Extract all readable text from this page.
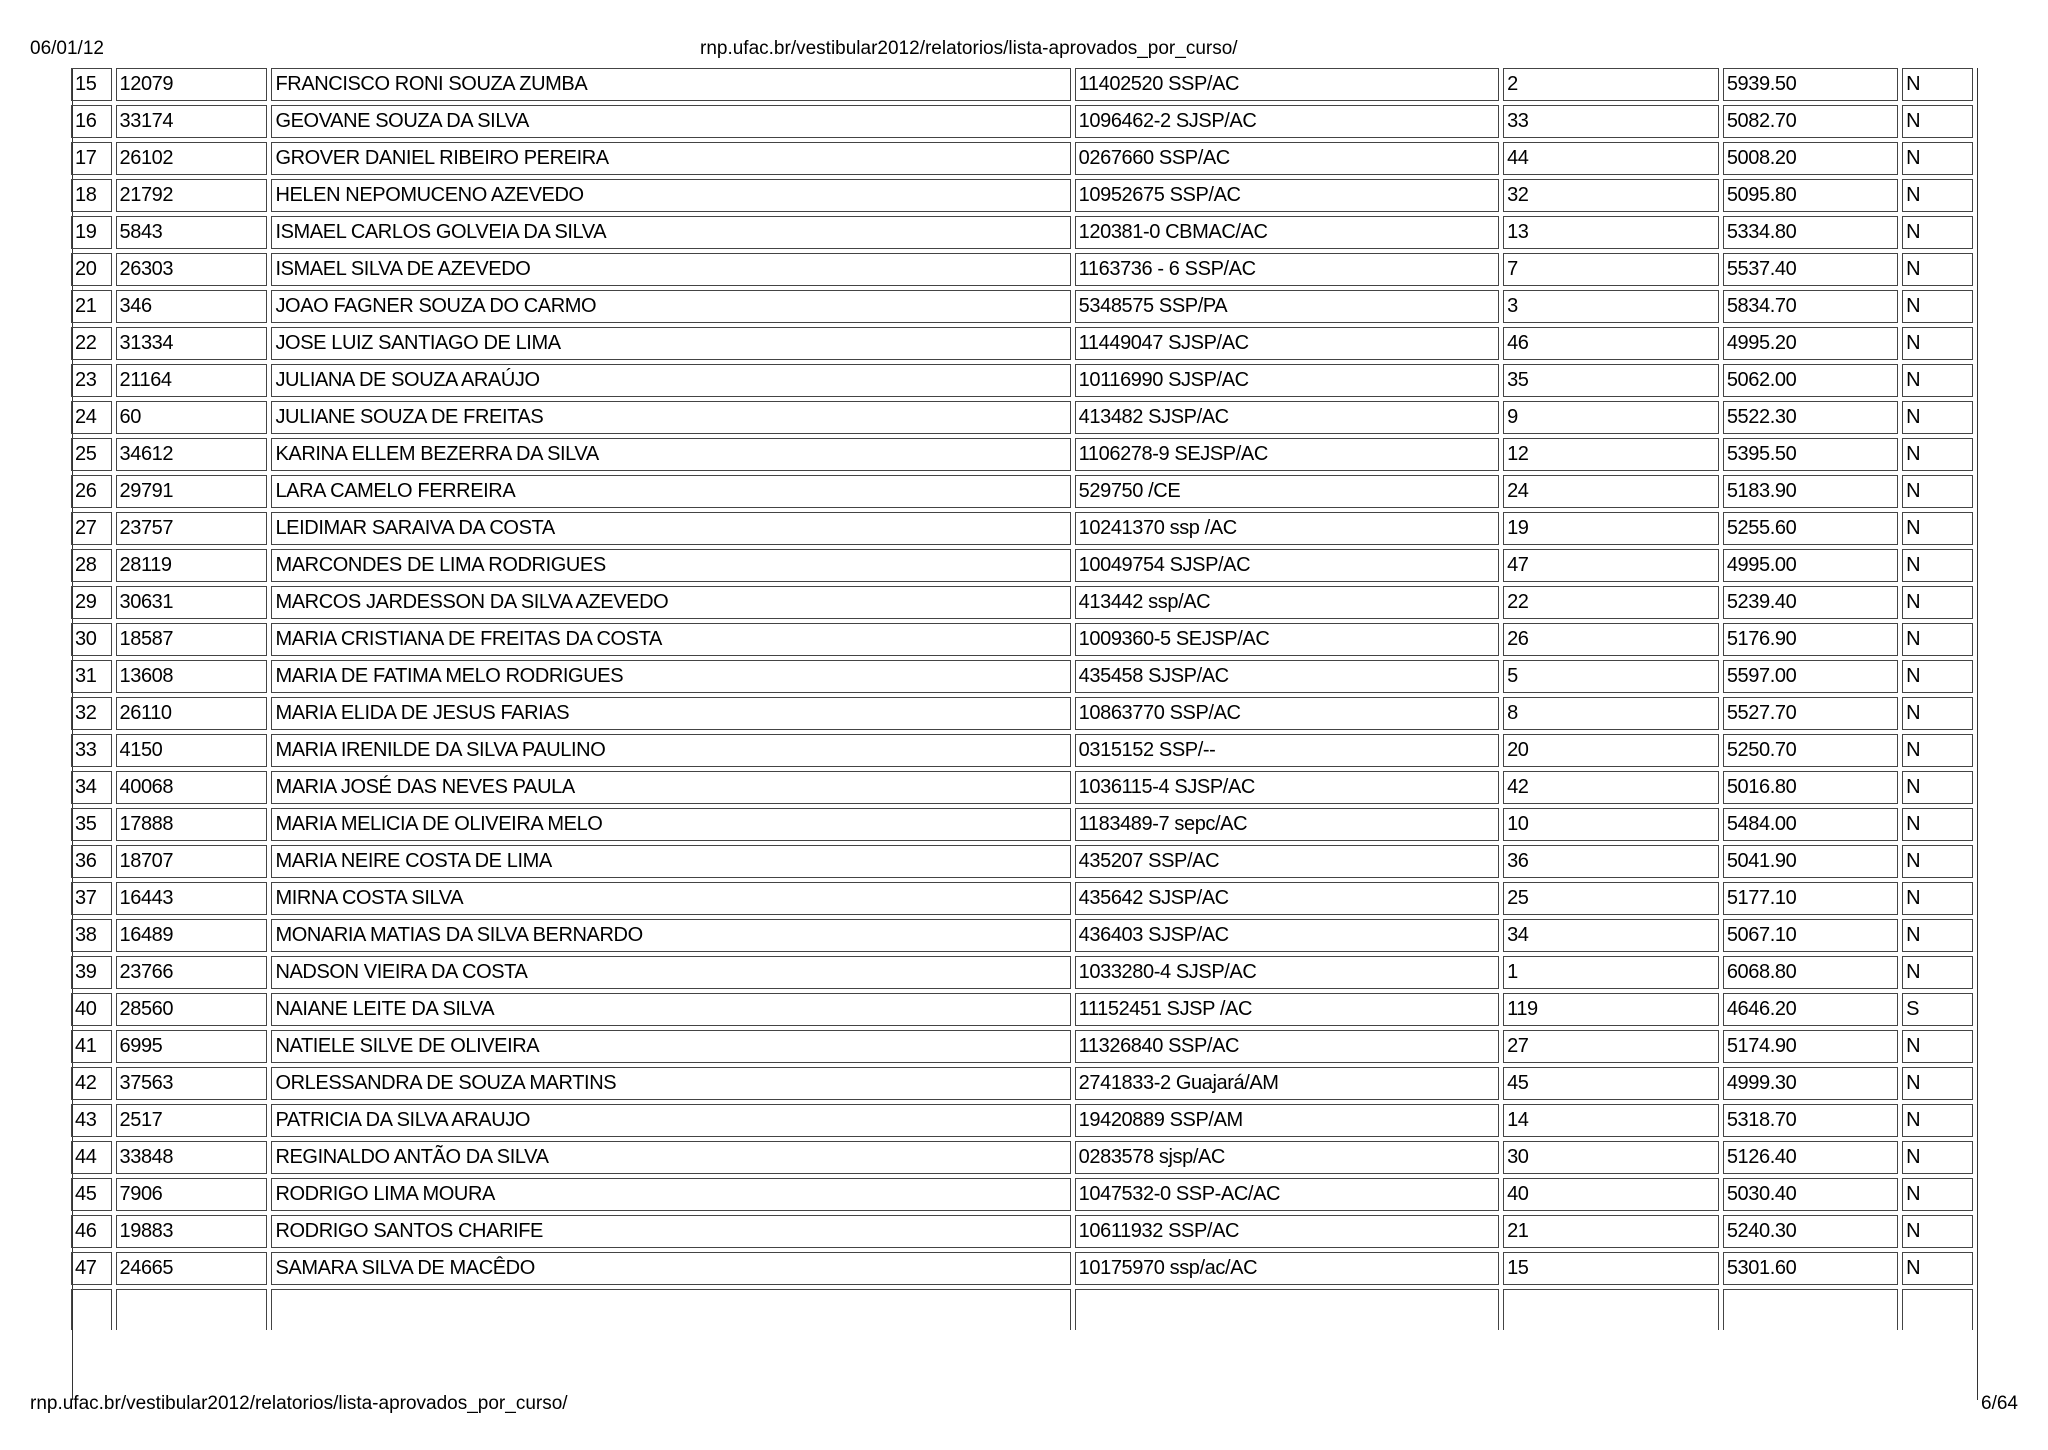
06/01/12	rnp.ufac.br/vestibular2012/relatorios/lista-aprovados_por_curso/
15	12079	FRANCISCO RONI SOUZA ZUMBA	11402520 SSP/AC	2	5939.50	N
16	33174	GEOVANE SOUZA DA SILVA	1096462-2 SJSP/AC	33	5082.70	N
17	26102	GROVER DANIEL RIBEIRO PEREIRA	0267660 SSP/AC	44	5008.20	N
18	21792	HELEN NEPOMUCENO AZEVEDO	10952675 SSP/AC	32	5095.80	N
19	5843	ISMAEL CARLOS GOLVEIA DA SILVA	120381-0 CBMAC/AC	13	5334.80	N
20	26303	ISMAEL SILVA DE AZEVEDO	1163736 - 6 SSP/AC	7	5537.40	N
21	346	JOAO FAGNER SOUZA DO CARMO	5348575 SSP/PA	3	5834.70	N
22	31334	JOSE LUIZ SANTIAGO DE LIMA	11449047 SJSP/AC	46	4995.20	N
23	21164	JULIANA DE SOUZA ARAÚJO	10116990 SJSP/AC	35	5062.00	N
24	60	JULIANE SOUZA DE FREITAS	413482 SJSP/AC	9	5522.30	N
25	34612	KARINA ELLEM BEZERRA DA SILVA	1106278-9 SEJSP/AC	12	5395.50	N
26	29791	LARA CAMELO FERREIRA	529750 /CE	24	5183.90	N
27	23757	LEIDIMAR SARAIVA DA COSTA	10241370 ssp /AC	19	5255.60	N
28	28119	MARCONDES DE LIMA RODRIGUES	10049754 SJSP/AC	47	4995.00	N
29	30631	MARCOS JARDESSON DA SILVA AZEVEDO	413442 ssp/AC	22	5239.40	N
30	18587	MARIA CRISTIANA DE FREITAS DA COSTA	1009360-5 SEJSP/AC	26	5176.90	N
31	13608	MARIA DE FATIMA MELO RODRIGUES	435458 SJSP/AC	5	5597.00	N
32	26110	MARIA ELIDA DE JESUS FARIAS	10863770 SSP/AC	8	5527.70	N
33	4150	MARIA IRENILDE DA SILVA PAULINO	0315152 SSP/--	20	5250.70	N
34	40068	MARIA JOSÉ DAS NEVES PAULA	1036115-4 SJSP/AC	42	5016.80	N
35	17888	MARIA MELICIA DE OLIVEIRA MELO	1183489-7 sepc/AC	10	5484.00	N
36	18707	MARIA NEIRE COSTA DE LIMA	435207 SSP/AC	36	5041.90	N
37	16443	MIRNA COSTA SILVA	435642 SJSP/AC	25	5177.10	N
38	16489	MONARIA MATIAS DA SILVA BERNARDO	436403 SJSP/AC	34	5067.10	N
39	23766	NADSON VIEIRA DA COSTA	1033280-4 SJSP/AC	1	6068.80	N
40	28560	NAIANE LEITE DA SILVA	11152451 SJSP /AC	119	4646.20	S
41	6995	NATIELE SILVE DE OLIVEIRA	11326840 SSP/AC	27	5174.90	N
42	37563	ORLESSANDRA DE SOUZA MARTINS	2741833-2 Guajará/AM	45	4999.30	N
43	2517	PATRICIA DA SILVA ARAUJO	19420889 SSP/AM	14	5318.70	N
44	33848	REGINALDO ANTÃO DA SILVA	0283578 sjsp/AC	30	5126.40	N
45	7906	RODRIGO LIMA MOURA	1047532-0 SSP-AC/AC	40	5030.40	N
46	19883	RODRIGO SANTOS CHARIFE	10611932 SSP/AC	21	5240.30	N
47	24665	SAMARA SILVA DE MACÊDO	10175970 ssp/ac/AC	15	5301.60	N

rnp.ufac.br/vestibular2012/relatorios/lista-aprovados_por_curso/	6/64
